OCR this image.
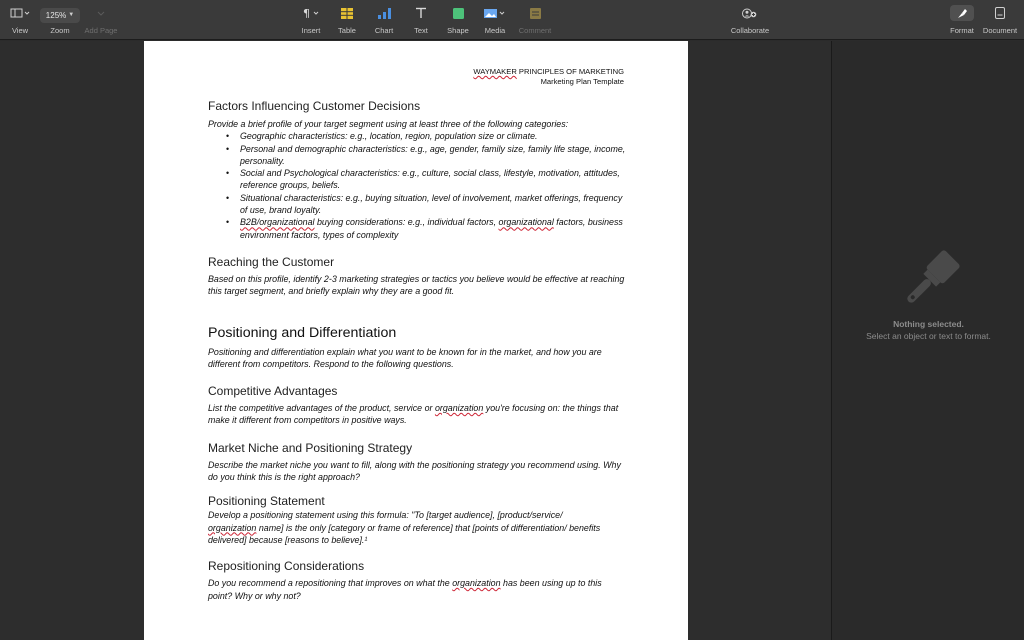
View
125% ▼
Zoom Add Page
¶
Insert Table	Chart	Text	Shape Media Comment	Collaborate	Format Document
WAYMAKER PRINCIPLES OF MARKETING
Marketing Plan Template
Factors Influencing Customer Decisions
Provide a brief profile of your target segment using at least three of the following categories:
• Geographic characteristics: e.g., location, region, population size or climate.
• Personal and demographic characteristics: e.g., age, gender, family size, family life stage, income, personality.
• Social and Psychological characteristics: e.g., culture, social class, lifestyle, motivation, attitudes, reference groups, beliefs.
• Situational characteristics: e.g., buying situation, level of involvement, market offerings, frequency of use, brand loyalty.
• B2B/organizational buying considerations: e.g., individual factors, organizational factors, business environment factors, types of complexity
Reaching the Customer
Based on this profile, identify 2-3 marketing strategies or tactics you believe would be effective at reaching this target segment, and briefly explain why they are a good fit.
Positioning and Differentiation
Positioning and differentiation explain what you want to be known for in the market, and how you are different from competitors. Respond to the following questions.
Competitive Advantages
List the competitive advantages of the product, service or organization you're focusing on: the things that make it different from competitors in positive ways.
Market Niche and Positioning Strategy
Describe the market niche you want to fill, along with the positioning strategy you recommend using. Why do you think this is the right approach?
Positioning Statement
Develop a positioning statement using this formula: "To [target audience], [product/service/
organization name] is the only [category or frame of reference] that [points of differentiation/ benefits delivered] because [reasons to believe].¹
Repositioning Considerations
Do you recommend a repositioning that improves on what the organization has been using up to this point? Why or why not?
Nothing selected.
Select an object or text to format.
